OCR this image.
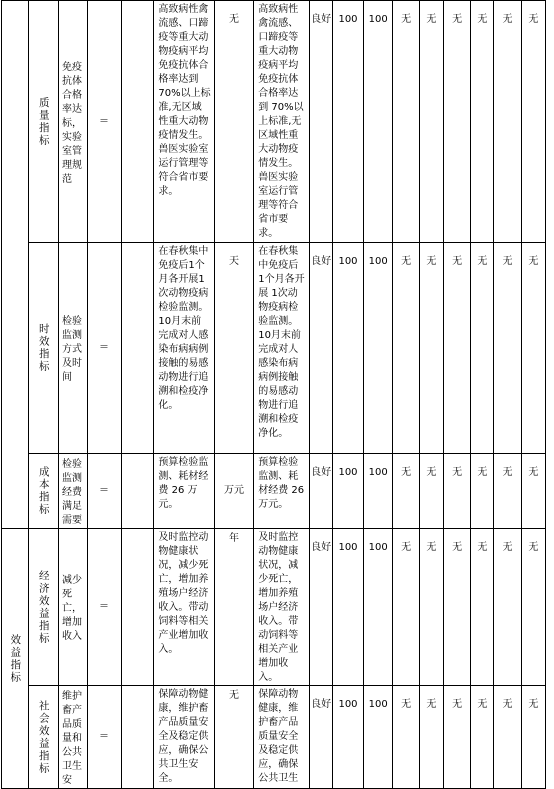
	质量指标	免疫抗体合格率达标，实验室管理规范	＝		高致病性禽流感、口蹄疫等重大动物疫病平均免疫抗体合格率达到70%以上标准,无区域性重大动物疫情发生。兽医实验室运行管理等符合省市要求。	无	高致病性禽流感、口蹄疫等重大动物疫病平均免疫抗体合格率达到 70%以上标准,无区域性重大动物疫情发生。兽医实验室运行管理等符合省市要求。	良好	100	100	无	无	无	无	无	无

	时效指标	检验监测方式及时间	＝		在春秋集中免疫后1个月各开展1次动物疫病检验监测。10月末前完成对人感染布病病例接触的易感动物进行追溯和检疫净化。	天	在春秋集中免疫后 1个月各开展 1次动物疫病检验监测。10月末前完成对人感染布病病例接触的易感动物进行追溯和检疫净化。	良好	100	100	无	无	无	无	无	无

	成本指标	检验监测经费满足需要	＝		预算检验监测、耗材经费 26 万元。	万元	预算检验监测、耗材经费 26 万元。	良好	100	100	无	无	无	无	无	无

效益指标	经济效益指标	减少死亡，增加收入	＝		及时监控动物健康状况，减少死亡，增加养殖场户经济收入。带动饲料等相关产业增加收入。	年	及时监控动物健康状况，减少死亡，增加养殖场户经济收入。带动饲料等相关产业增加收入。	良好	100	100	无	无	无	无	无	无

	社会效益指标	维护畜产品质量和公共卫生安	＝		保障动物健康，维护畜产品质量安全及稳定供应，确保公共卫生安全。	无	保障动物健康，维护畜产品质量安全及稳定供应，确保公共卫生	良好	100	100	无	无	无	无	无	无
